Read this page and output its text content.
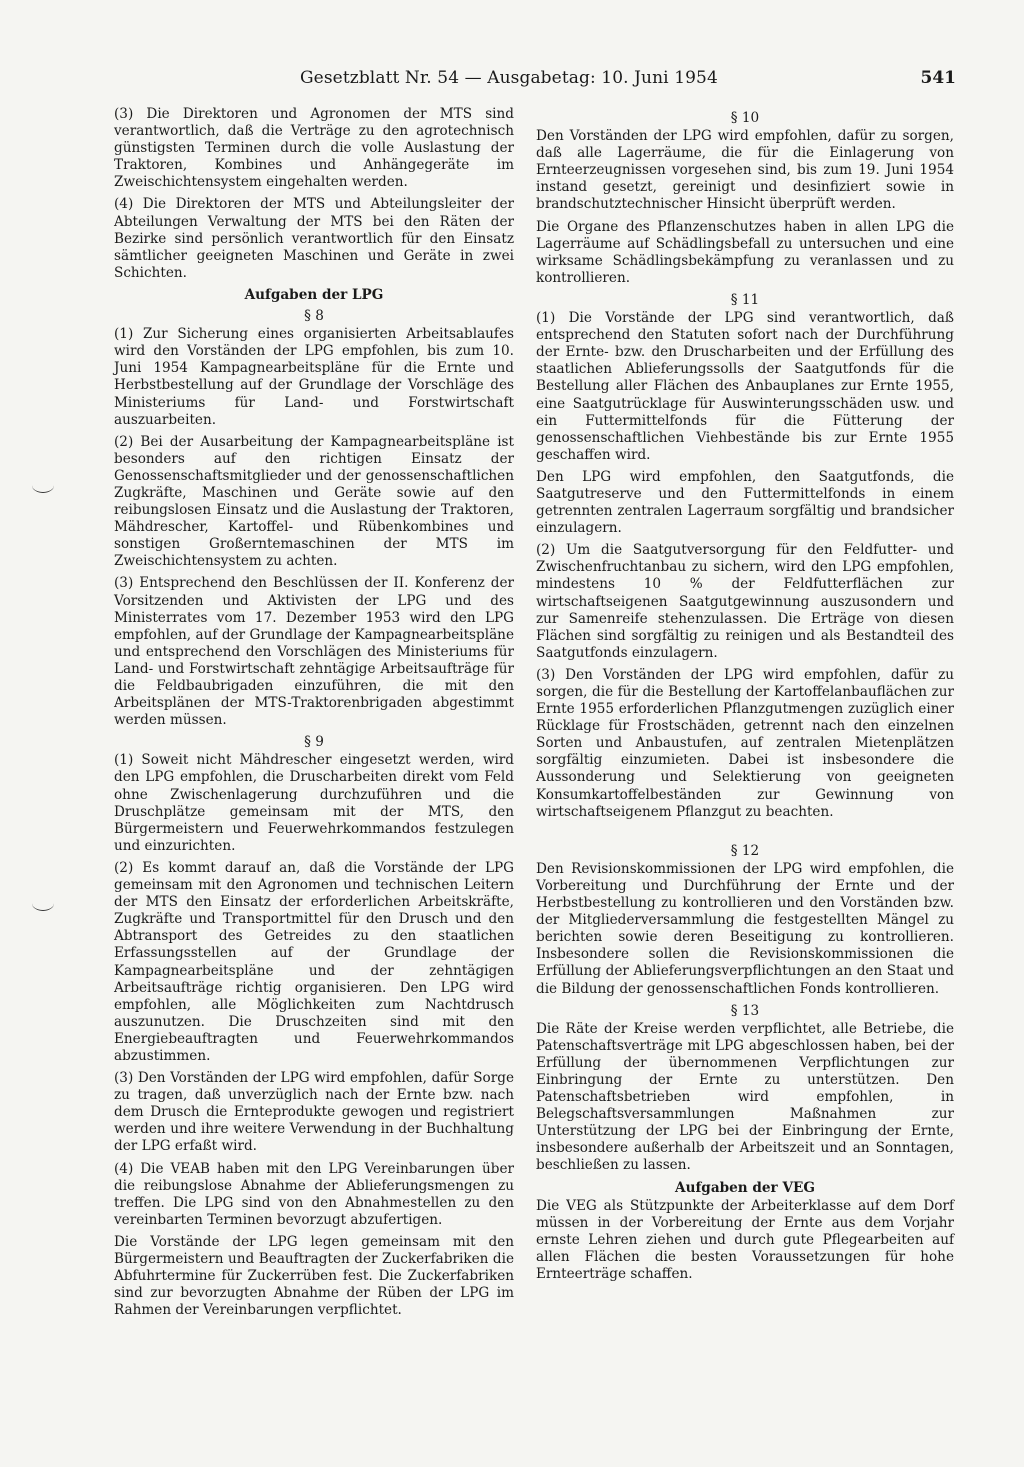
Gesetzblatt Nr. 54 — Ausgabetag: 10. Juni 1954	541

(3) Die Direktoren und Agronomen der MTS sind verantwortlich, daß die Verträge zu den agrotechnisch günstigsten Terminen durch die volle Auslastung der Traktoren, Kombines und Anhängegeräte im Zweischichtensystem eingehalten werden.

(4) Die Direktoren der MTS und Abteilungsleiter der Abteilungen Verwaltung der MTS bei den Räten der Bezirke sind persönlich verantwortlich für den Einsatz sämtlicher geeigneten Maschinen und Geräte in zwei Schichten.

Aufgaben der LPG
§ 8

(1) Zur Sicherung eines organisierten Arbeitsablaufes wird den Vorständen der LPG empfohlen, bis zum 10. Juni 1954 Kampagnearbeitspläne für die Ernte und Herbstbestellung auf der Grundlage der Vorschläge des Ministeriums für Land- und Forstwirtschaft auszuarbeiten.

(2) Bei der Ausarbeitung der Kampagnearbeitspläne ist besonders auf den richtigen Einsatz der Genossenschaftsmitglieder und der genossenschaftlichen Zugkräfte, Maschinen und Geräte sowie auf den reibungslosen Einsatz und die Auslastung der Traktoren, Mähdrescher, Kartoffel- und Rübenkombines und sonstigen Großerntemaschinen der MTS im Zweischichtensystem zu achten.

(3) Entsprechend den Beschlüssen der II. Konferenz der Vorsitzenden und Aktivisten der LPG und des Ministerrates vom 17. Dezember 1953 wird den LPG empfohlen, auf der Grundlage der Kampagnearbeitspläne und entsprechend den Vorschlägen des Ministeriums für Land- und Forstwirtschaft zehntägige Arbeitsaufträge für die Feldbaubrigaden einzuführen, die mit den Arbeitsplänen der MTS-Traktorenbrigaden abgestimmt werden müssen.

§ 9

(1) Soweit nicht Mähdrescher eingesetzt werden, wird den LPG empfohlen, die Druscharbeiten direkt vom Feld ohne Zwischenlagerung durchzuführen und die Druschplätze gemeinsam mit der MTS, den Bürgermeistern und Feuerwehrkommandos festzulegen und einzurichten.

(2) Es kommt darauf an, daß die Vorstände der LPG gemeinsam mit den Agronomen und technischen Leitern der MTS den Einsatz der erforderlichen Arbeitskräfte, Zugkräfte und Transportmittel für den Drusch und den Abtransport des Getreides zu den staatlichen Erfassungsstellen auf der Grundlage der Kampagnearbeitspläne und der zehntägigen Arbeitsaufträge richtig organisieren. Den LPG wird empfohlen, alle Möglichkeiten zum Nachtdrusch auszunutzen. Die Druschzeiten sind mit den Energiebeauftragten und Feuerwehrkommandos abzustimmen.

(3) Den Vorständen der LPG wird empfohlen, dafür Sorge zu tragen, daß unverzüglich nach der Ernte bzw. nach dem Drusch die Ernteprodukte gewogen und registriert werden und ihre weitere Verwendung in der Buchhaltung der LPG erfaßt wird.

(4) Die VEAB haben mit den LPG Vereinbarungen über die reibungslose Abnahme der Ablieferungsmengen zu treffen. Die LPG sind von den Abnahmestellen zu den vereinbarten Terminen bevorzugt abzufertigen.

Die Vorstände der LPG legen gemeinsam mit den Bürgermeistern und Beauftragten der Zuckerfabriken die Abfuhrtermine für Zuckerrüben fest. Die Zuckerfabriken sind zur bevorzugten Abnahme der Rüben der LPG im Rahmen der Vereinbarungen verpflichtet.

§ 10

Den Vorständen der LPG wird empfohlen, dafür zu sorgen, daß alle Lagerräume, die für die Einlagerung von Ernteerzeugnissen vorgesehen sind, bis zum 19. Juni 1954 instand gesetzt, gereinigt und desinfiziert sowie in brandschutztechnischer Hinsicht überprüft werden.

Die Organe des Pflanzenschutzes haben in allen LPG die Lagerräume auf Schädlingsbefall zu untersuchen und eine wirksame Schädlingsbekämpfung zu veranlassen und zu kontrollieren.

§ 11

(1) Die Vorstände der LPG sind verantwortlich, daß entsprechend den Statuten sofort nach der Durchführung der Ernte- bzw. den Druscharbeiten und der Erfüllung des staatlichen Ablieferungssolls der Saatgutfonds für die Bestellung aller Flächen des Anbauplanes zur Ernte 1955, eine Saatgutrücklage für Auswinterungsschäden usw. und ein Futtermittelfonds für die Fütterung der genossenschaftlichen Viehbestände bis zur Ernte 1955 geschaffen wird.

Den LPG wird empfohlen, den Saatgutfonds, die Saatgutreserve und den Futtermittelfonds in einem getrennten zentralen Lagerraum sorgfältig und brandsicher einzulagern.

(2) Um die Saatgutversorgung für den Feldfutter- und Zwischenfruchtanbau zu sichern, wird den LPG empfohlen, mindestens 10 % der Feldfutterflächen zur wirtschaftseigenen Saatgutgewinnung auszusondern und zur Samenreife stehenzulassen. Die Erträge von diesen Flächen sind sorgfältig zu reinigen und als Bestandteil des Saatgutfonds einzulagern.

(3) Den Vorständen der LPG wird empfohlen, dafür zu sorgen, die für die Bestellung der Kartoffelanbauflächen zur Ernte 1955 erforderlichen Pflanzgutmengen zuzüglich einer Rücklage für Frostschäden, getrennt nach den einzelnen Sorten und Anbaustufen, auf zentralen Mietenplätzen sorgfältig einzumieten. Dabei ist insbesondere die Aussonderung und Selektierung von geeigneten Konsumkartoffelbeständen zur Gewinnung von wirtschaftseigenem Pflanzgut zu beachten.

§ 12

Den Revisionskommissionen der LPG wird empfohlen, die Vorbereitung und Durchführung der Ernte und der Herbstbestellung zu kontrollieren und den Vorständen bzw. der Mitgliederversammlung die festgestellten Mängel zu berichten sowie deren Beseitigung zu kontrollieren. Insbesondere sollen die Revisionskommissionen die Erfüllung der Ablieferungsverpflichtungen an den Staat und die Bildung der genossenschaftlichen Fonds kontrollieren.

§ 13

Die Räte der Kreise werden verpflichtet, alle Betriebe, die Patenschaftsverträge mit LPG abgeschlossen haben, bei der Erfüllung der übernommenen Verpflichtungen zur Einbringung der Ernte zu unterstützen. Den Patenschaftsbetrieben wird empfohlen, in Belegschaftsversammlungen Maßnahmen zur Unterstützung der LPG bei der Einbringung der Ernte, insbesondere außerhalb der Arbeitszeit und an Sonntagen, beschließen zu lassen.

Aufgaben der VEG

Die VEG als Stützpunkte der Arbeiterklasse auf dem Dorf müssen in der Vorbereitung der Ernte aus dem Vorjahr ernste Lehren ziehen und durch gute Pflegearbeiten auf allen Flächen die besten Voraussetzungen für hohe Ernteerträge schaffen.
